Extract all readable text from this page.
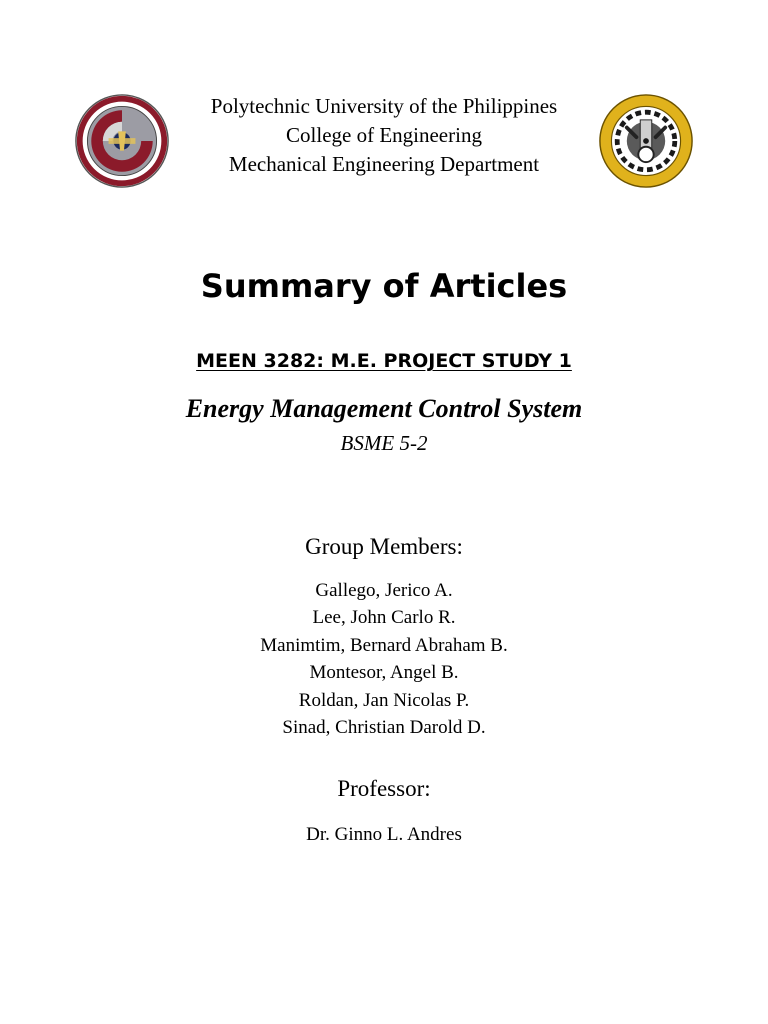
Polytechnic University of the Philippines
College of Engineering
Mechanical Engineering Department
Summary of Articles
MEEN 3282: M.E. PROJECT STUDY 1
Energy Management Control System
BSME 5-2
Group Members:
Gallego, Jerico A.
Lee, John Carlo R.
Manimtim, Bernard Abraham B.
Montesor, Angel B.
Roldan, Jan Nicolas P.
Sinad, Christian Darold D.
Professor:
Dr. Ginno L. Andres
